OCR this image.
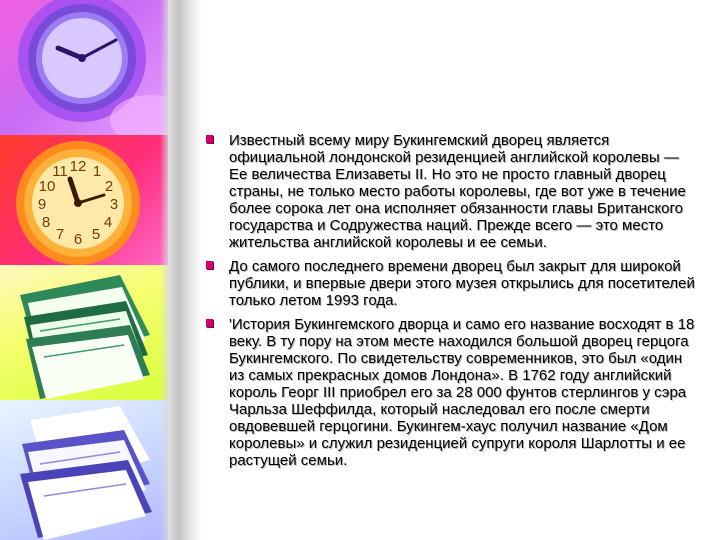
12 1
2
3
4
5
6
7
8
9
10
11
Известный всему миру Букингемский дворец является официальной лондонской резиденцией английской королевы — Ее величества Елизаветы II. Но это не просто главный дворец страны, не только место работы королевы, где вот уже в течение более сорока лет она исполняет обязанности главы Британского государства и Содружества наций. Прежде всего — это место жительства английской королевы и ее семьи.
До самого последнего времени дворец был закрыт для широкой публики, и впервые двери этого музея открылись для посетителей только летом 1993 года.
'История Букингемского дворца и само его название восходят в 18 веку. В ту пору на этом месте находился большой дворец герцога Букингемского. По свидетельству современников, это был «один из самых прекрасных домов Лондона». В 1762 году английский король Георг III приобрел его за 28 000 фунтов стерлингов у сэра Чарльза Шеффилда, который наследовал его после смерти овдовевшей герцогини. Букингем-хаус получил название «Дом королевы» и служил резиденцией супруги короля Шарлотты и ее растущей семьи.
